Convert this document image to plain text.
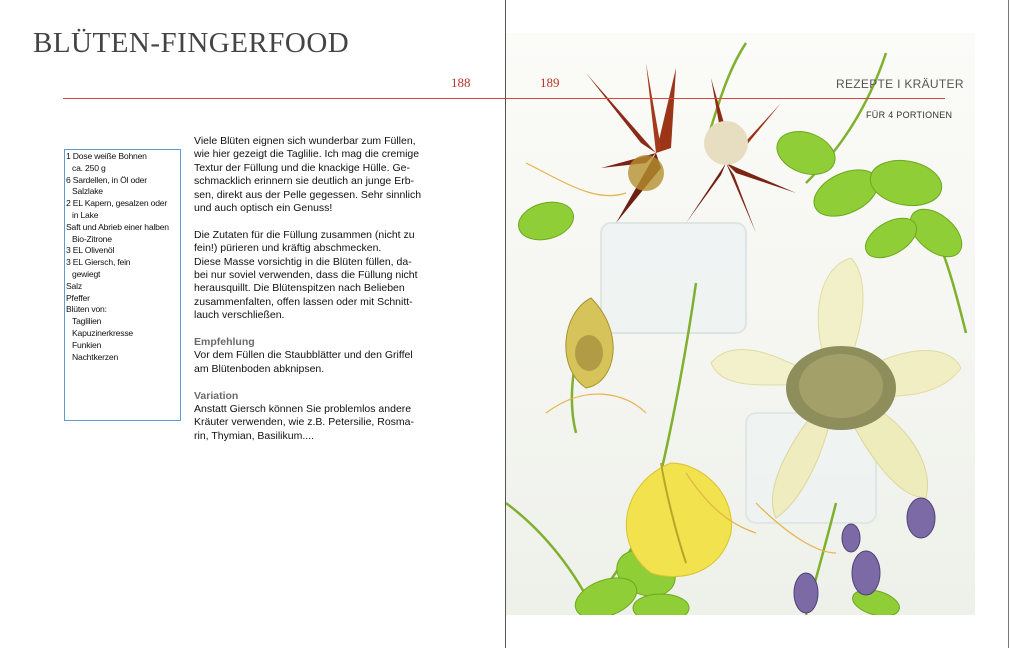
BLÜTEN-FINGERFOOD
188
1 Dose weiße Bohnen
ca. 250 g
6 Sardellen, in Öl oder
Salzlake
2 EL Kapern, gesalzen oder
in Lake
Saft und Abrieb einer halben
Bio-Zitrone
3 EL Olivenöl
3 EL Giersch, fein
gewiegt
Salz
Pfeffer
Blüten von:
Taglilien
Kapuzinerkresse
Funkien
Nachtkerzen

Viele Blüten eignen sich wunderbar zum Füllen,
wie hier gezeigt die Taglilie. Ich mag die cremige
Textur der Füllung und die knackige Hülle. Ge-
schmacklich erinnern sie deutlich an junge Erb-
sen, direkt aus der Pelle gegessen. Sehr sinnlich
und auch optisch ein Genuss!

Die Zutaten für die Füllung zusammen (nicht zu
fein!) pürieren und kräftig abschmecken.
Diese Masse vorsichtig in die Blüten füllen, da-
bei nur soviel verwenden, dass die Füllung nicht
herausquillt. Die Blütenspitzen nach Belieben
zusammenfalten, offen lassen oder mit Schnitt-
lauch verschließen.

Empfehlung

Vor dem Füllen die Staubblätter und den Griffel
am Blütenboden abknipsen.

Variation

Anstatt Giersch können Sie problemlos andere
Kräuter verwenden, wie z.B. Petersilie, Rosma-
rin, Thymian, Basilikum....

189	REZEPTE I KRÄUTER
FÜR 4 PORTIONEN
